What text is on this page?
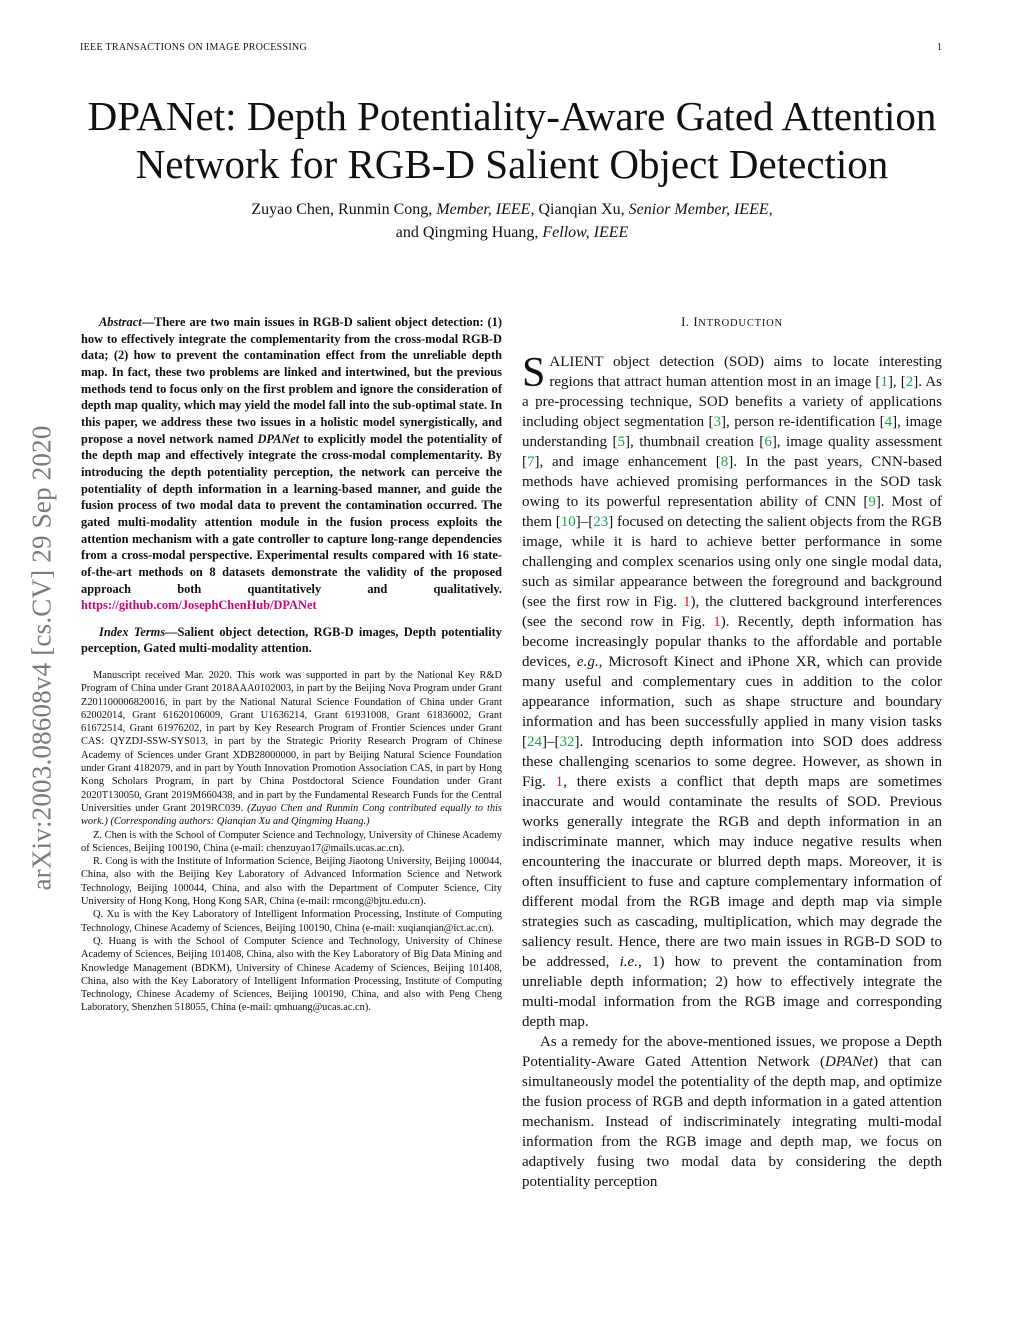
IEEE TRANSACTIONS ON IMAGE PROCESSING	1
DPANet: Depth Potentiality-Aware Gated Attention
Network for RGB-D Salient Object Detection
Zuyao Chen, Runmin Cong, Member, IEEE, Qianqian Xu, Senior Member, IEEE,
and Qingming Huang, Fellow, IEEE
arXiv:2003.08608v4 [cs.CV] 29 Sep 2020

Abstract—There are two main issues in RGB-D salient object detection: (1) how to effectively integrate the complementarity from the cross-modal RGB-D data; (2) how to prevent the contamination effect from the unreliable depth map. In fact, these two problems are linked and intertwined, but the previous methods tend to focus only on the first problem and ignore the consideration of depth map quality, which may yield the model fall into the sub-optimal state. In this paper, we address these two issues in a holistic model synergistically, and propose a novel network named DPANet to explicitly model the potentiality of the depth map and effectively integrate the cross-modal complementarity. By introducing the depth potentiality perception, the network can perceive the potentiality of depth information in a learning-based manner, and guide the fusion process of two modal data to prevent the contamination occurred. The gated multi-modality attention module in the fusion process exploits the attention mechanism with a gate controller to capture long-range dependencies from a cross-modal perspective. Experimental results compared with 16 state-of-the-art methods on 8 datasets demonstrate the validity of the proposed approach both quantitatively and qualitatively. https://github.com/JosephChenHub/DPANet

Index Terms—Salient object detection, RGB-D images, Depth potentiality perception, Gated multi-modality attention.

Manuscript received Mar. 2020. This work was supported in part by the National Key R&D Program of China under Grant 2018AAA0102003, in part by the Beijing Nova Program under Grant Z201100006820016, in part by the National Natural Science Foundation of China under Grant 62002014, Grant 61620106009, Grant U1636214, Grant 61931008, Grant 61836002, Grant 61672514, Grant 61976202, in part by Key Research Program of Frontier Sciences under Grant CAS: QYZDJ-SSW-SYS013, in part by the Strategic Priority Research Program of Chinese Academy of Sciences under Grant XDB28000000, in part by Beijing Natural Science Foundation under Grant 4182079, and in part by Youth Innovation Promotion Association CAS, in part by Hong Kong Scholars Program, in part by China Postdoctoral Science Foundation under Grant 2020T130050, Grant 2019M660438, and in part by the Fundamental Research Funds for the Central Universities under Grant 2019RC039. (Zuyao Chen and Runmin Cong contributed equally to this work.) (Corresponding authors: Qianqian Xu and Qingming Huang.)

Z. Chen is with the School of Computer Science and Technology, University of Chinese Academy of Sciences, Beijing 100190, China (e-mail: chenzuyao17@mails.ucas.ac.cn).

R. Cong is with the Institute of Information Science, Beijing Jiaotong University, Beijing 100044, China, also with the Beijing Key Laboratory of Advanced Information Science and Network Technology, Beijing 100044, China, and also with the Department of Computer Science, City University of Hong Kong, Hong Kong SAR, China (e-mail: rmcong@bjtu.edu.cn).

Q. Xu is with the Key Laboratory of Intelligent Information Processing, Institute of Computing Technology, Chinese Academy of Sciences, Beijing 100190, China (e-mail: xuqianqian@ict.ac.cn).

Q. Huang is with the School of Computer Science and Technology, University of Chinese Academy of Sciences, Beijing 101408, China, also with the Key Laboratory of Big Data Mining and Knowledge Management (BDKM), University of Chinese Academy of Sciences, Beijing 101408, China, also with the Key Laboratory of Intelligent Information Processing, Institute of Computing Technology, Chinese Academy of Sciences, Beijing 100190, China, and also with Peng Cheng Laboratory, Shenzhen 518055, China (e-mail: qmhuang@ucas.ac.cn).

I. INTRODUCTION

SALIENT object detection (SOD) aims to locate interesting regions that attract human attention most in an image [1], [2]. As a pre-processing technique, SOD benefits a variety of applications including object segmentation [3], person re-identification [4], image understanding [5], thumbnail creation [6], image quality assessment [7], and image enhancement [8]. In the past years, CNN-based methods have achieved promising performances in the SOD task owing to its powerful representation ability of CNN [9]. Most of them [10]–[23] focused on detecting the salient objects from the RGB image, while it is hard to achieve better performance in some challenging and complex scenarios using only one single modal data, such as similar appearance between the foreground and background (see the first row in Fig. 1), the cluttered background interferences (see the second row in Fig. 1). Recently, depth information has become increasingly popular thanks to the affordable and portable devices, e.g., Microsoft Kinect and iPhone XR, which can provide many useful and complementary cues in addition to the color appearance information, such as shape structure and boundary information and has been successfully applied in many vision tasks [24]–[32]. Introducing depth information into SOD does address these challenging scenarios to some degree. However, as shown in Fig. 1, there exists a conflict that depth maps are sometimes inaccurate and would contaminate the results of SOD. Previous works generally integrate the RGB and depth information in an indiscriminate manner, which may induce negative results when encountering the inaccurate or blurred depth maps. Moreover, it is often insufficient to fuse and capture complementary information of different modal from the RGB image and depth map via simple strategies such as cascading, multiplication, which may degrade the saliency result. Hence, there are two main issues in RGB-D SOD to be addressed, i.e., 1) how to prevent the contamination from unreliable depth information; 2) how to effectively integrate the multi-modal information from the RGB image and corresponding depth map.

As a remedy for the above-mentioned issues, we propose a Depth Potentiality-Aware Gated Attention Network (DPANet) that can simultaneously model the potentiality of the depth map, and optimize the fusion process of RGB and depth information in a gated attention mechanism. Instead of indiscriminately integrating multi-modal information from the RGB image and depth map, we focus on adaptively fusing two modal data by considering the depth potentiality perception
